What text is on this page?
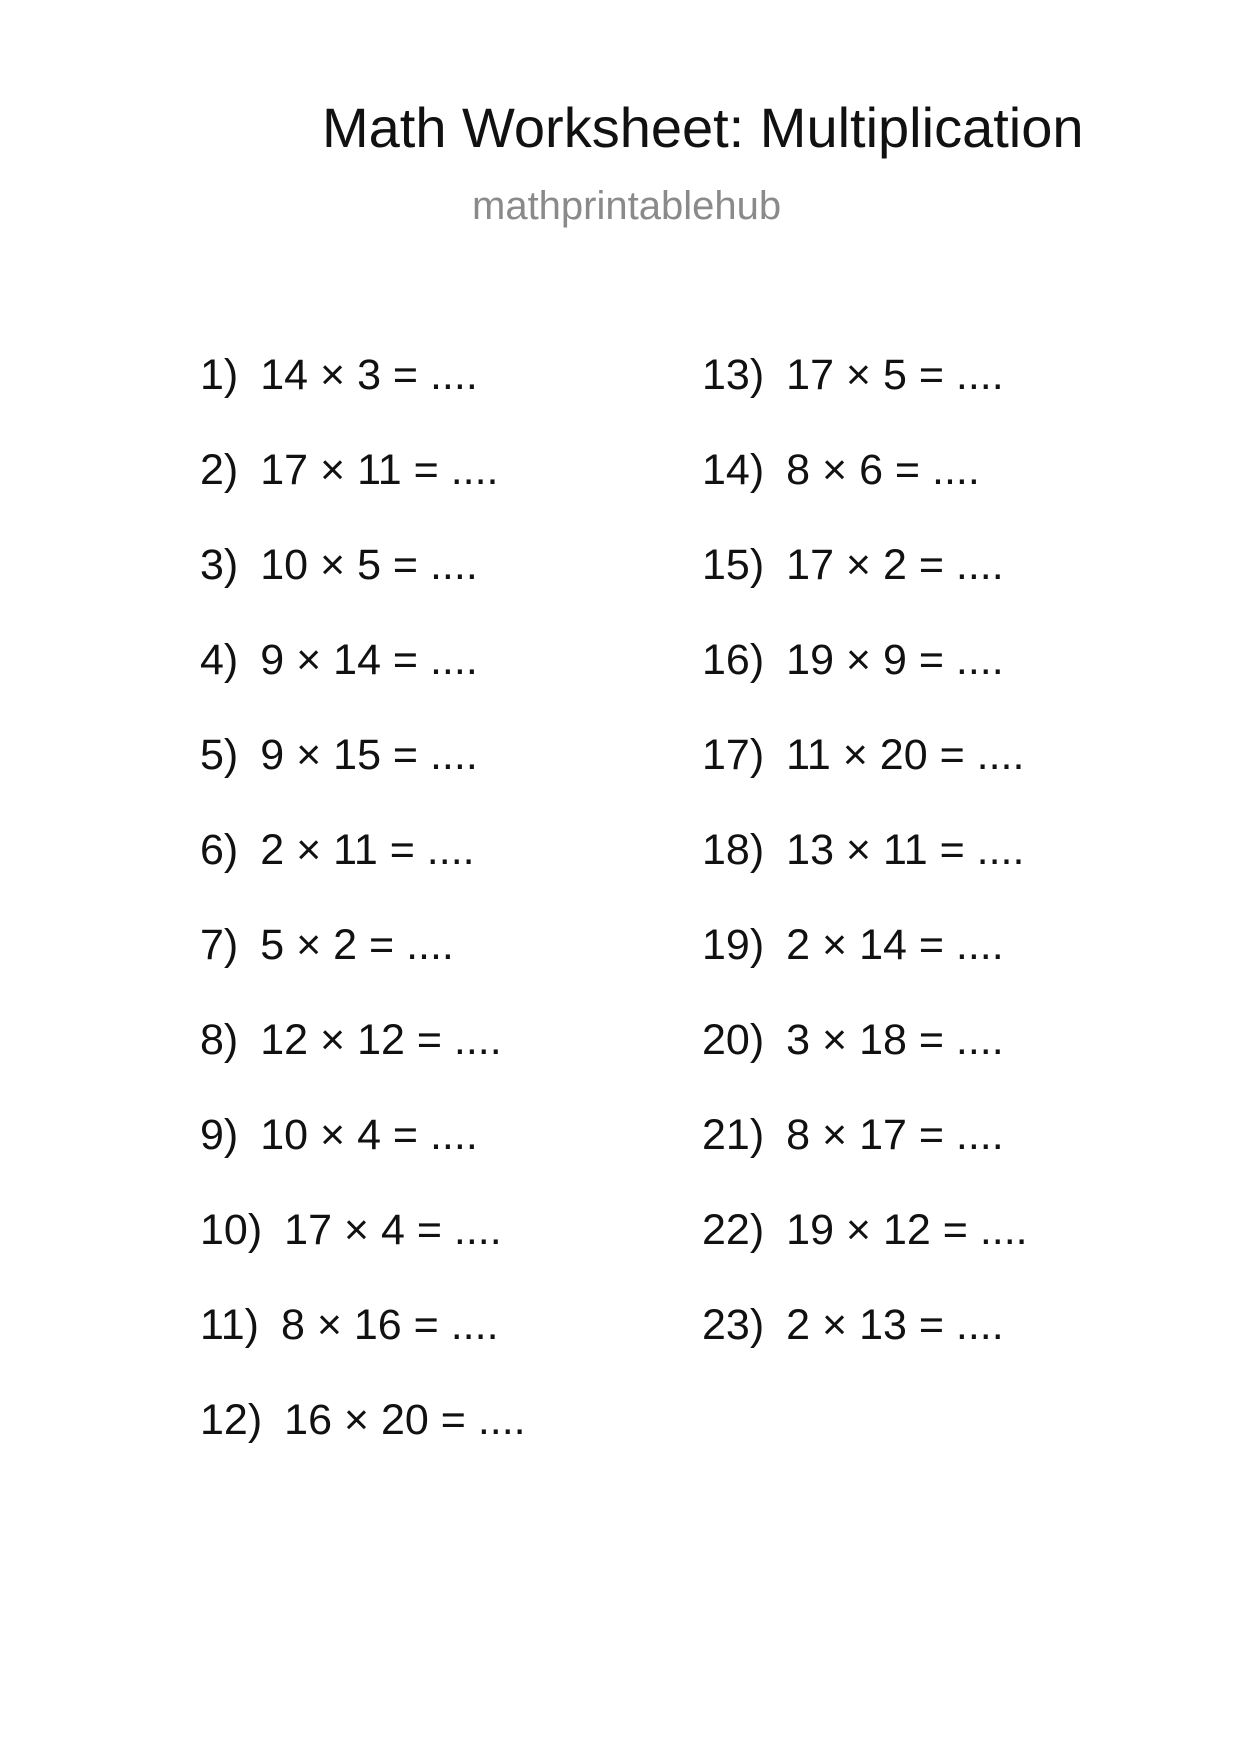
Math Worksheet: Multiplication
mathprintablehub
1) 14 × 3 = ....
2) 17 × 11 = ....
3) 10 × 5 = ....
4) 9 × 14 = ....
5) 9 × 15 = ....
6) 2 × 11 = ....
7) 5 × 2 = ....
8) 12 × 12 = ....
9) 10 × 4 = ....
10) 17 × 4 = ....
11) 8 × 16 = ....
12) 16 × 20 = ....
13) 17 × 5 = ....
14) 8 × 6 = ....
15) 17 × 2 = ....
16) 19 × 9 = ....
17) 11 × 20 = ....
18) 13 × 11 = ....
19) 2 × 14 = ....
20) 3 × 18 = ....
21) 8 × 17 = ....
22) 19 × 12 = ....
23) 2 × 13 = ....
